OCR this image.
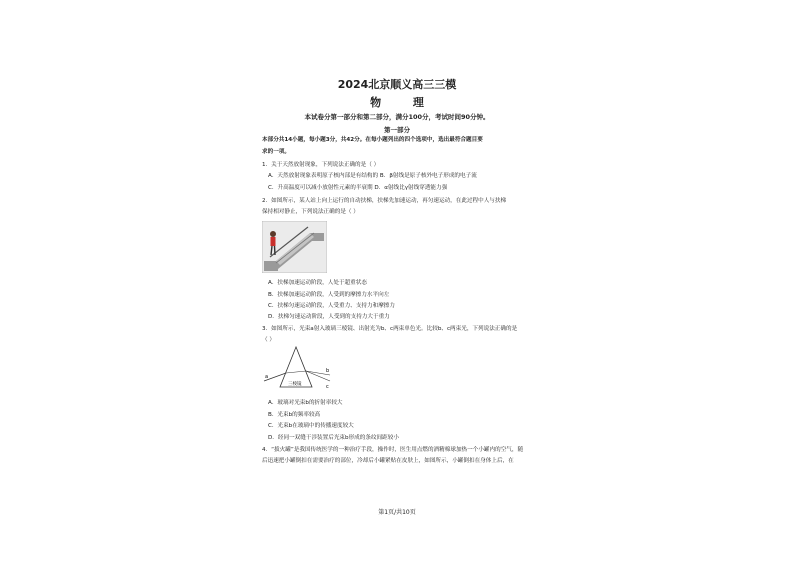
2024北京顺义高三三模
物 理
本试卷分第一部分和第二部分，满分100分，考试时间90分钟。
第一部分
本部分共14小题，每小题3分，共42分。在每小题列出的四个选项中，选出最符合题目要
求的一项。
1．关于天然放射现象，下列说法正确的是（ ）
A．天然放射现象表明原子核内部是有结构的 B．β射线是原子核外电子形成的电子流
C．升高温度可以减小放射性元素的半衰期 D．α射线比γ射线穿透能力强
2．如图所示，某人站上向上运行的自动扶梯，扶梯先加速运动，再匀速运动，在此过程中人与扶梯
保持相对静止，下列说法正确的是（ ）
A．扶梯加速运动阶段，人处于超重状态
B．扶梯加速运动阶段，人受到的摩擦力水平向左
C．扶梯匀速运动阶段，人受重力、支持力和摩擦力
D．扶梯匀速运动阶段，人受到的支持力大于重力
3．如图所示，光束a射入玻璃三棱镜、出射光为b、c两束单色光。比较b、c两束光，下列说法正确的是
（ ）
a
b
c
三棱镜
A．玻璃对光束b的折射率较大
B．光束b的频率较高
C．光束b在玻璃中的传播速度较大
D．经同一双缝干涉装置后光束b形成的条纹间距较小
4．“拔火罐”是我国传统医学的一种治疗手段，操作时，医生用点燃的酒精棉球加热一个小罐内的空气，随
后迅速把小罐倒扣在需要治疗的部位，冷却后小罐紧贴在皮肤上，如图所示，小罐倒扣在身体上后，在
第1页/共10页
